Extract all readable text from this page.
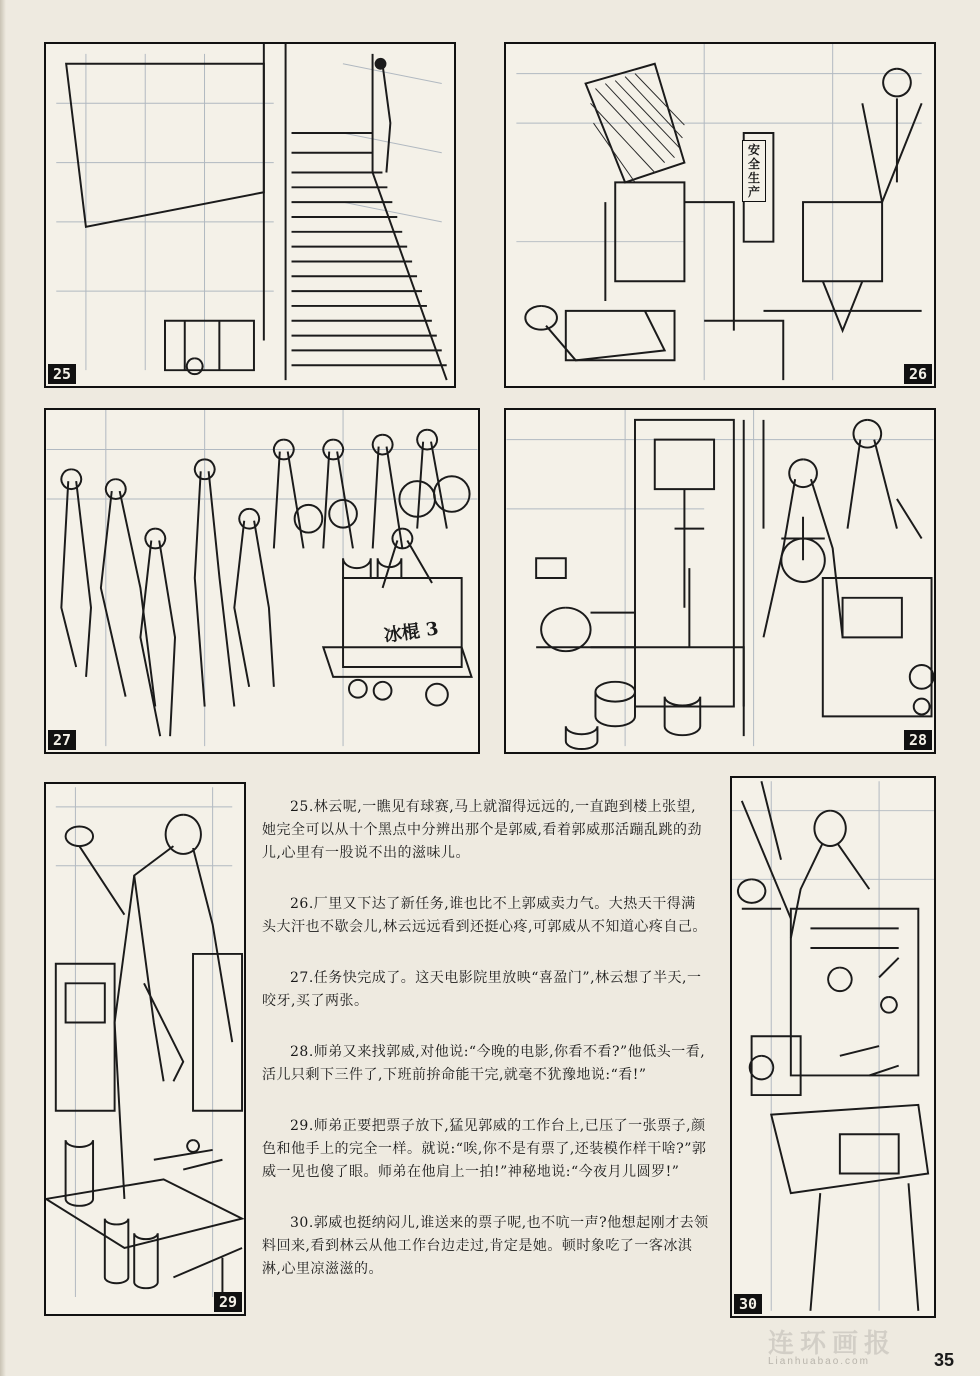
25
安全生产
26
冰棍 3
27	28
29

25.林云呢,一瞧见有球赛,马上就溜得远远的,一直跑到楼上张望,她完全可以从十个黑点中分辨出那个是郭威,看着郭威那活蹦乱跳的劲儿,心里有一股说不出的滋味儿。

26.厂里又下达了新任务,谁也比不上郭威卖力气。大热天干得满头大汗也不歇会儿,林云远远看到还挺心疼,可郭威从不知道心疼自己。

27.任务快完成了。这天电影院里放映“喜盈门”,林云想了半天,一咬牙,买了两张。

28.师弟又来找郭威,对他说:“今晚的电影,你看不看?”他低头一看,活儿只剩下三件了,下班前拚命能干完,就毫不犹豫地说:“看!”

29.师弟正要把票子放下,猛见郭威的工作台上,已压了一张票子,颜色和他手上的完全一样。就说:“唉,你不是有票了,还装模作样干啥?”郭威一见也傻了眼。师弟在他肩上一拍!”神秘地说:“今夜月儿圆罗!”

30.郭威也挺纳闷儿,谁送来的票子呢,也不吭一声?他想起刚才去领料回来,看到林云从他工作台边走过,肯定是她。顿时象吃了一客冰淇淋,心里凉滋滋的。

30
连环画报
Lianhuabao.com	35
